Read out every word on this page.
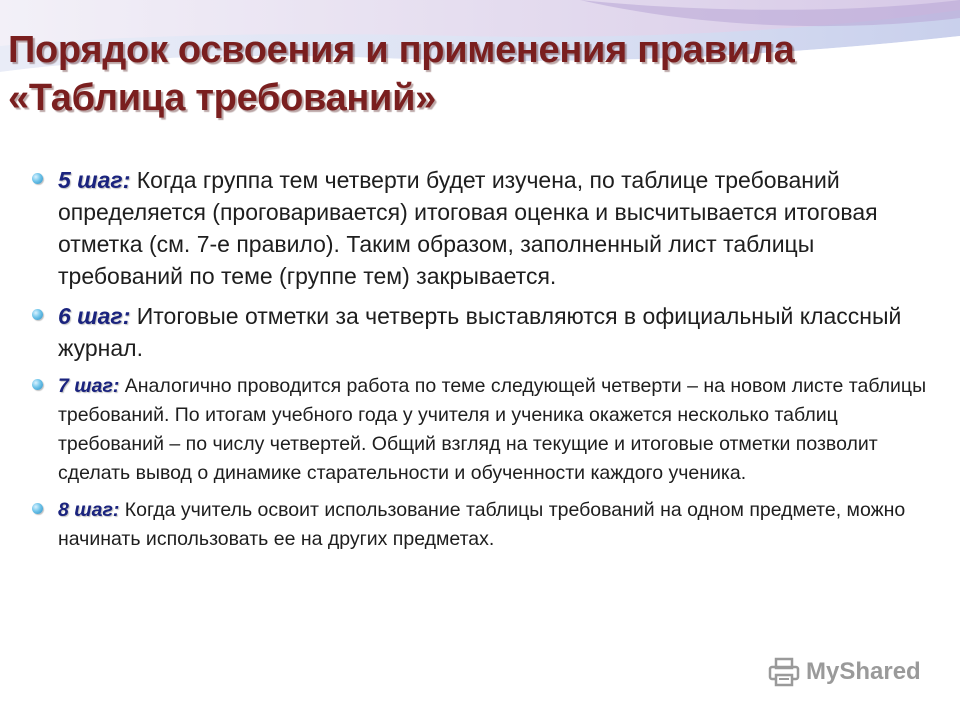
Порядок освоения и применения правила
«Таблица требований»
5 шаг: Когда группа тем четверти будет изучена, по таблице требований определяется (проговаривается) итоговая оценка и высчитывается итоговая отметка (см. 7-е правило). Таким образом, заполненный лист таблицы требований по теме (группе тем) закрывается.
6 шаг: Итоговые отметки за четверть выставляются в официальный классный журнал.
7 шаг: Аналогично проводится работа по теме следующей четверти – на новом листе таблицы требований. По итогам учебного года у учителя и ученика окажется несколько таблиц требований – по числу четвертей. Общий взгляд на текущие и итоговые отметки позволит сделать вывод о динамике старательности и обученности каждого ученика.
8 шаг: Когда учитель освоит использование таблицы требований на одном предмете, можно начинать использовать ее на других предметах.
MyShared
